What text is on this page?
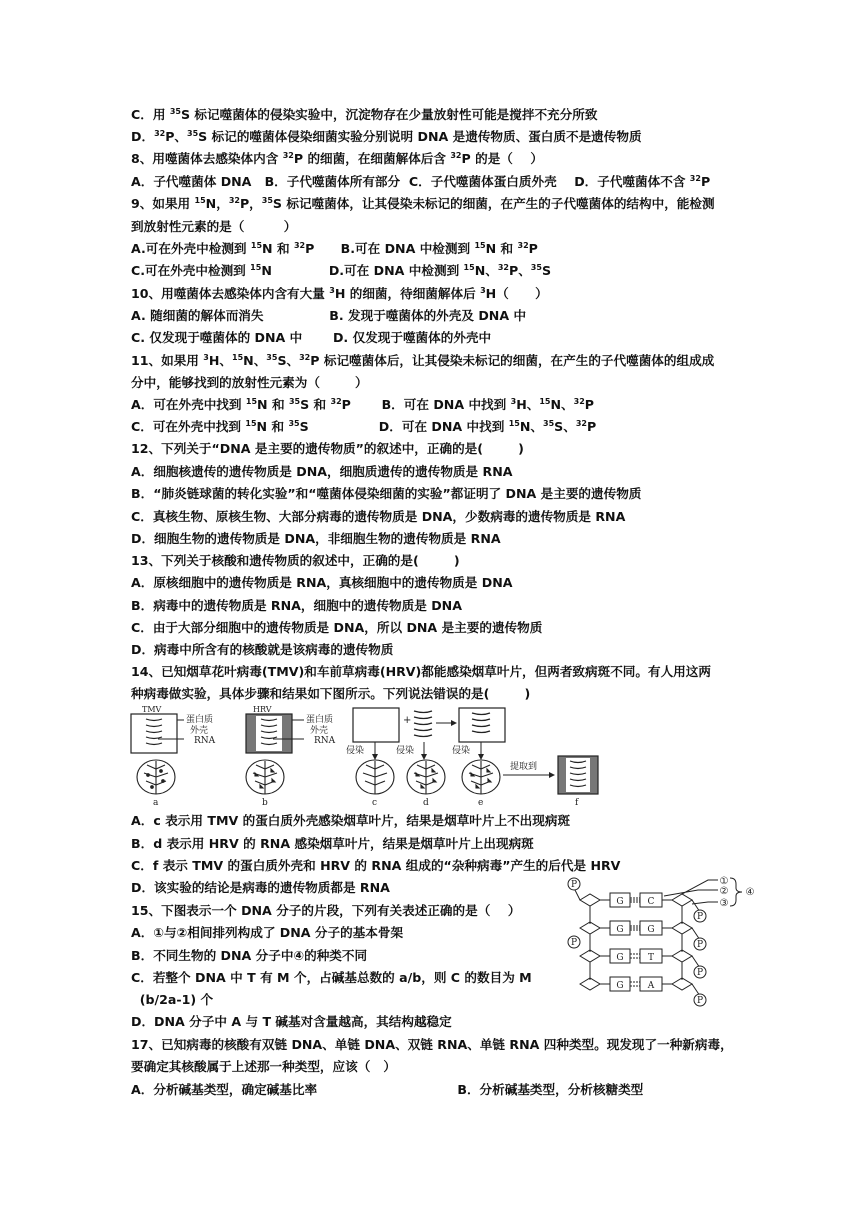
C．用 $^{35}$S 标记噬菌体的侵染实验中，沉淀物存在少量放射性可能是搅拌不充分所致
D．$^{32}$P、$^{35}$S 标记的噬菌体侵染细菌实验分别说明 DNA 是遗传物质、蛋白质不是遗传物质
8、用噬菌体去感染体内含 $^{32}$P 的细菌，在细菌解体后含 $^{32}$P 的是（    ）
A．子代噬菌体 DNA   B．子代噬菌体所有部分  C．子代噬菌体蛋白质外壳    D．子代噬菌体不含 $^{32}$P
9、如果用 $^{15}$N，$^{32}$P，$^{35}$S 标记噬菌体，让其侵染未标记的细菌，在产生的子代噬菌体的结构中，能检测
到放射性元素的是（         ）
A.可在外壳中检测到 $^{15}$N 和 $^{32}$P      B.可在 DNA 中检测到 $^{15}$N 和 $^{32}$P
C.可在外壳中检测到 $^{15}$N             D.可在 DNA 中检测到 $^{15}$N、$^{32}$P、$^{35}$S
10、用噬菌体去感染体内含有大量 $^3$H 的细菌，待细菌解体后 $^3$H（      ）
A. 随细菌的解体而消失               B. 发现于噬菌体的外壳及 DNA 中
C. 仅发现于噬菌体的 DNA 中       D. 仅发现于噬菌体的外壳中
11、如果用 $^3$H、$^{15}$N、$^{35}$S、$^{32}$P 标记噬菌体后，让其侵染未标记的细菌，在产生的子代噬菌体的组成成
分中，能够找到的放射性元素为（        ）
A．可在外壳中找到 $^{15}$N 和 $^{35}$S 和 $^{32}$P       B．可在 DNA 中找到 $^3$H、$^{15}$N、$^{32}$P
C．可在外壳中找到 $^{15}$N 和 $^{35}$S                D．可在 DNA 中找到 $^{15}$N、$^{35}$S、$^{32}$P
12、下列关于“DNA 是主要的遗传物质”的叙述中，正确的是(        )
A．细胞核遗传的遗传物质是 DNA，细胞质遗传的遗传物质是 RNA
B．“肺炎链球菌的转化实验”和“噬菌体侵染细菌的实验”都证明了 DNA 是主要的遗传物质
C．真核生物、原核生物、大部分病毒的遗传物质是 DNA，少数病毒的遗传物质是 RNA
D．细胞生物的遗传物质是 DNA，非细胞生物的遗传物质是 RNA
13、下列关于核酸和遗传物质的叙述中，正确的是(        )
A．原核细胞中的遗传物质是 RNA，真核细胞中的遗传物质是 DNA
B．病毒中的遗传物质是 RNA，细胞中的遗传物质是 DNA
C．由于大部分细胞中的遗传物质是 DNA，所以 DNA 是主要的遗传物质
D．病毒中所含有的核酸就是该病毒的遗传物质
14、已知烟草花叶病毒(TMV)和车前草病毒(HRV)都能感染烟草叶片，但两者致病斑不同。有人用这两
种病毒做实验，具体步骤和结果如下图所示。下列说法错误的是(        )
A．c 表示用 TMV 的蛋白质外壳感染烟草叶片，结果是烟草叶片上不出现病斑
B．d 表示用 HRV 的 RNA 感染烟草叶片，结果是烟草叶片上出现病斑
C．f 表示 TMV 的蛋白质外壳和 HRV 的 RNA 组成的“杂种病毒”产生的后代是 HRV
D．该实验的结论是病毒的遗传物质都是 RNA
15、下图表示一个 DNA 分子的片段，下列有关表述正确的是（    ）
A．①与②相间排列构成了 DNA 分子的基本骨架
B．不同生物的 DNA 分子中④的种类不同
C．若整个 DNA 中 T 有 M 个，占碱基总数的 a/b，则 C 的数目为 M
(b/2a-1) 个
D．DNA 分子中 A 与 T 碱基对含量越高，其结构越稳定
17、已知病毒的核酸有双链 DNA、单链 DNA、双链 RNA、单链 RNA 四种类型。现发现了一种新病毒，
要确定其核酸属于上述那一种类型，应该（   ）
A．分析碱基类型，确定碱基比率                                B．分析碱基类型，分析核糖类型
TMV
蛋白质
外壳
RNA
HRV
蛋白质
外壳
RNA
+
侵染	侵染	侵染
提取到
a	b	c	d	e	f
P
P
P
P
P
P
G
G
G
G
C
G
T
A
①
②
③
④
